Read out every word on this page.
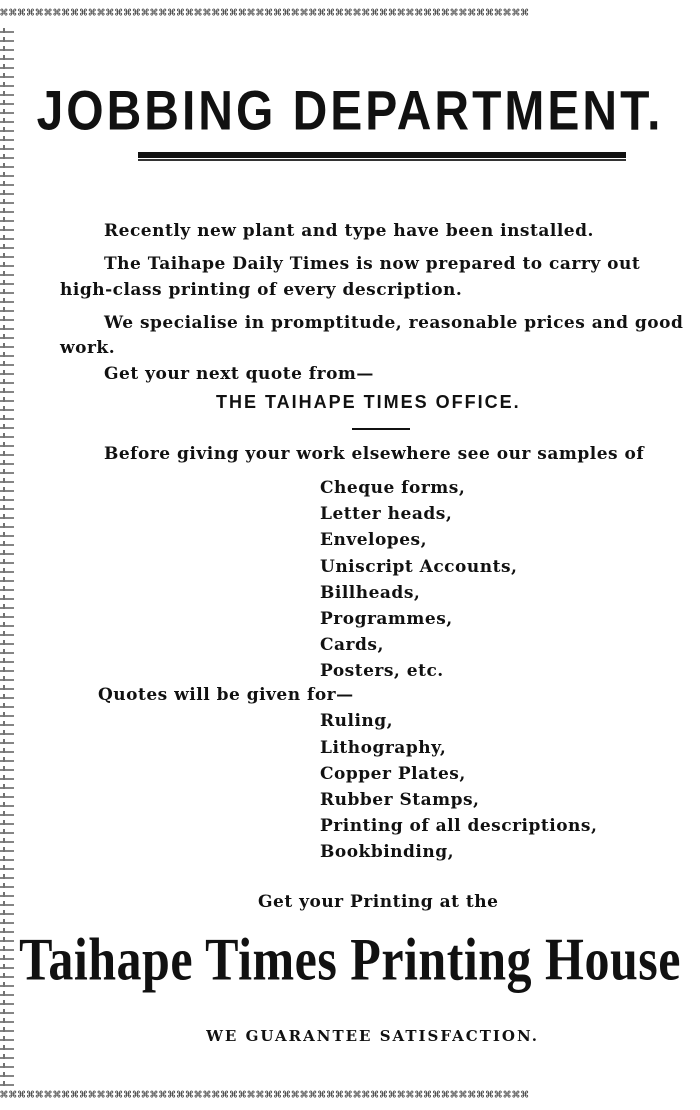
⌘⌘⌘⌘⌘⌘⌘⌘⌘⌘⌘⌘⌘⌘⌘⌘⌘⌘⌘⌘⌘⌘⌘⌘⌘⌘⌘⌘⌘⌘⌘⌘⌘⌘⌘⌘⌘⌘⌘⌘⌘⌘⌘⌘⌘⌘⌘⌘⌘⌘⌘⌘⌘⌘⌘⌘⌘⌘⌘⌘
⌘⌘⌘⌘⌘⌘⌘⌘⌘⌘⌘⌘⌘⌘⌘⌘⌘⌘⌘⌘⌘⌘⌘⌘⌘⌘⌘⌘⌘⌘⌘⌘⌘⌘⌘⌘⌘⌘⌘⌘⌘⌘⌘⌘⌘⌘⌘⌘⌘⌘⌘⌘⌘⌘⌘⌘⌘⌘⌘⌘
JOBBING DEPARTMENT.
Recently new plant and type have been installed.
The Taihape Daily Times is now prepared to carry out
high-class printing of every description.
We specialise in promptitude, reasonable prices and good
work.
Get your next quote from—
THE TAIHAPE TIMES OFFICE.
Before giving your work elsewhere see our samples of
Cheque forms,
Letter heads,
Envelopes,
Uniscript Accounts,
Billheads,
Programmes,
Cards,
Posters, etc.
Quotes will be given for—
Ruling,
Lithography,
Copper Plates,
Rubber Stamps,
Printing of all descriptions,
Bookbinding,
Get your Printing at the
Taihape Times Printing House
WE GUARANTEE SATISFACTION.
